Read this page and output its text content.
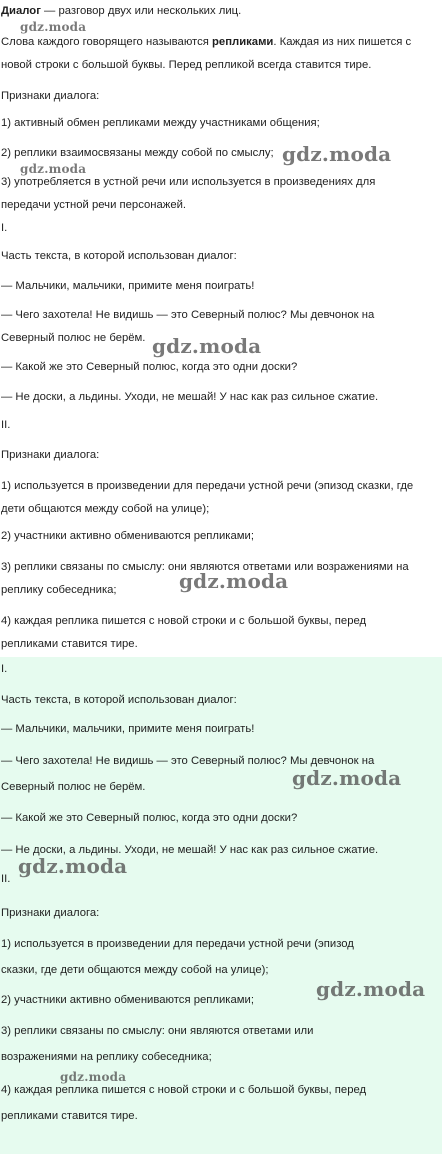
Диалог — разговор двух или нескольких лиц.
Слова каждого говорящего называются репликами. Каждая из них пишется с
новой строки с большой буквы. Перед репликой всегда ставится тире.
Признаки диалога:
1) активный обмен репликами между участниками общения;
2) реплики взаимосвязаны между собой по смыслу;
3) употребляется в устной речи или используется в произведениях для
передачи устной речи персонажей.
I.
Часть текста, в которой использован диалог:
— Мальчики, мальчики, примите меня поиграть!
— Чего захотела! Не видишь — это Северный полюс? Мы девчонок на
Северный полюс не берём.
— Какой же это Северный полюс, когда это одни доски?
— Не доски, а льдины. Уходи, не мешай! У нас как раз сильное сжатие.
II.
Признаки диалога:
1) используется в произведении для передачи устной речи (эпизод сказки, где
дети общаются между собой на улице);
2) участники активно обмениваются репликами;
3) реплики связаны по смыслу: они являются ответами или возражениями на
реплику собеседника;
4) каждая реплика пишется с новой строки и с большой буквы, перед
репликами ставится тире.
I.
Часть текста, в которой использован диалог:
— Мальчики, мальчики, примите меня поиграть!
— Чего захотела! Не видишь — это Северный полюс? Мы девчонок на
Северный полюс не берём.
— Какой же это Северный полюс, когда это одни доски?
— Не доски, а льдины. Уходи, не мешай! У нас как раз сильное сжатие.
II.
Признаки диалога:
1) используется в произведении для передачи устной речи (эпизод
сказки, где дети общаются между собой на улице);
2) участники активно обмениваются репликами;
3) реплики связаны по смыслу: они являются ответами или
возражениями на реплику собеседника;
4) каждая реплика пишется с новой строки и с большой буквы, перед
репликами ставится тире.
gdz.moda
gdz.moda
gdz.moda
gdz.moda
gdz.moda
gdz.moda
gdz.moda
gdz.moda
gdz.moda
